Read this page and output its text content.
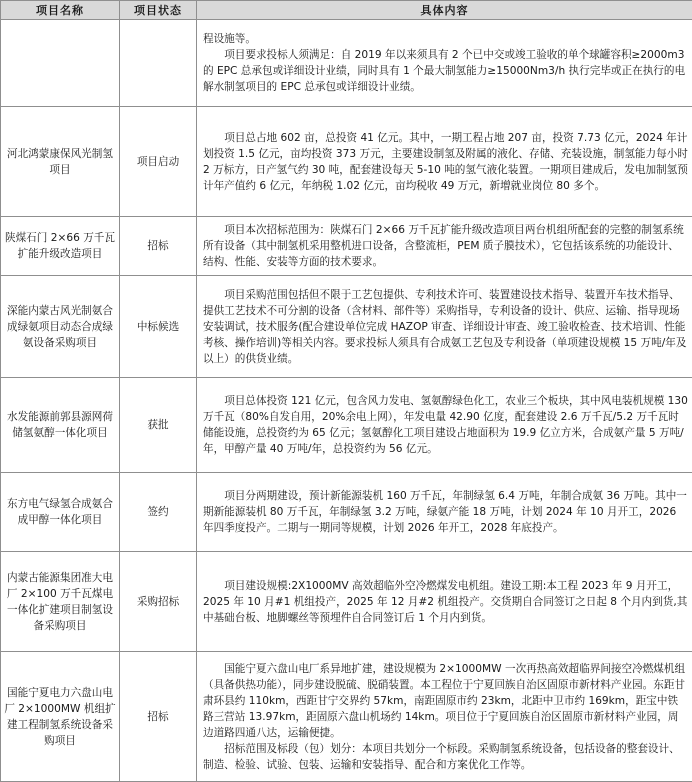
项目名称	项目状态	具体内容

		程设施等。

项目要求投标人须满足：自 2019 年以来须具有 2 个已中交或竣工验收的单个球罐容积≥2000m3 的 EPC 总承包或详细设计业绩，同时具有 1 个最大制氢能力≥15000Nm3/h 执行完毕或正在执行的电解水制氢项目的 EPC 总承包或详细设计业绩。

河北鸿蒙康保风光制氢项目	项目启动	项目总占地 602 亩，总投资 41 亿元。其中，一期工程占地 207 亩，投资 7.73 亿元，2024 年计划投资 1.5 亿元，亩均投资 373 万元，主要建设制氢及附属的液化、存储、充装设施，制氢能力每小时 2 万标方，日产氢气约 30 吨，配套建设每天 5-10 吨的氢气液化装置。一期项目建成后，发电加制氢预计年产值约 6 亿元，年纳税 1.02 亿元，亩均税收 49 万元，新增就业岗位 80 多个。

陕煤石门 2×66 万千瓦扩能升级改造项目	招标	项目本次招标范围为：陕煤石门 2×66 万千瓦扩能升级改造项目两台机组所配套的完整的制氢系统所有设备（其中制氢机采用整机进口设备，含整流柜，PEM 质子膜技术），它包括该系统的功能设计、结构、性能、安装等方面的技术要求。

深能内蒙古风光制氨合成绿氨项目动态合成绿氨设备采购项目	中标候选	项目采购范围包括但不限于工艺包提供、专利技术许可、装置建设技术指导、装置开车技术指导、提供工艺技术不可分割的设备（含材料、部件等）采购指导，专利设备的设计、供应、运输、指导现场安装调试，技术服务(配合建设单位完成 HAZOP 审查、详细设计审查、竣工验收检查、技术培训、性能考核、操作培训)等相关内容。要求投标人须具有合成氨工艺包及专利设备（单项建设规模 15 万吨/年及以上）的供货业绩。

水发能源前郭县源网荷储氢氨醇一体化项目	获批	项目总体投资 121 亿元，包含风力发电、氢氨醇绿色化工，农业三个板块，其中风电装机规模 130 万千瓦（80%自发自用，20%余电上网），年发电量 42.90 亿度，配套建设 2.6 万千瓦/5.2 万千瓦时储能设施，总投资约为 65 亿元；氢氨醇化工项目建设占地面积为 19.9 亿立方米，合成氨产量 5 万吨/年，甲醇产量 40 万吨/年，总投资约为 56 亿元。

东方电气绿氢合成氨合成甲醇一体化项目	签约	项目分两期建设，预计新能源装机 160 万千瓦，年制绿氢 6.4 万吨，年制合成氨 36 万吨。其中一期新能源装机 80 万千瓦，年制绿氢 3.2 万吨，绿氨产能 18 万吨，计划 2024 年 10 月开工，2026 年四季度投产。二期与一期同等规模，计划 2026 年开工，2028 年底投产。

内蒙古能源集团准大电厂 2×100 万千瓦煤电一体化扩建项目制氢设备采购项目	采购招标	项目建设规模:2X1000MV 高效超临外空冷燃煤发电机组。建设工期:本工程 2023 年 9 月开工，2025 年 10 月#1 机组投产，2025 年 12 月#2 机组投产。交货期自合同签订之日起 8 个月内到货,其中基础台板、地脚螺丝等预埋件自合同签订后 1 个月内到货。

国能宁夏电力六盘山电厂 2×1000MW 机组扩建工程制氢系统设备采购项目	招标	国能宁夏六盘山电厂系异地扩建，建设规模为 2×1000MW 一次再热高效超临界间接空冷燃煤机组（具备供热功能），同步建设脱硫、脱硝装置。本工程位于宁夏回族自治区固原市新材料产业园。东距甘肃环县约 110km，西距甘宁交界约 57km，南距固原市约 23km，北距中卫市约 169km，距宝中铁路三营站 13.97km，距固原六盘山机场约 14km。项目位于宁夏回族自治区固原市新材料产业园，周边道路四通八达，运输便捷。

招标范围及标段（包）划分：本项目共划分一个标段。采购制氢系统设备，包括设备的整套设计、制造、检验、试验、包装、运输和安装指导、配合和方案优化工作等。
